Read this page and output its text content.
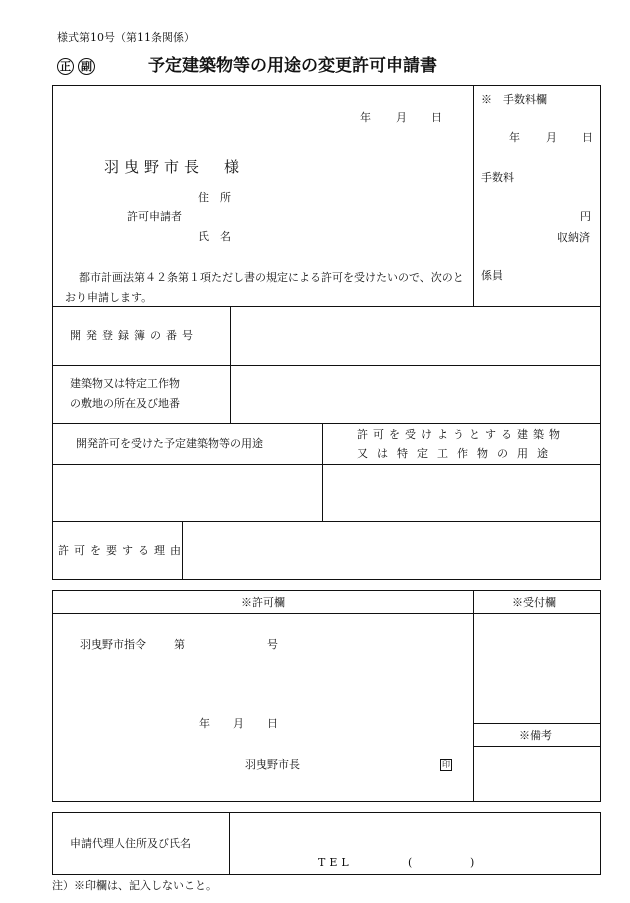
様式第10号（第11条関係）
正 副	予定建築物等の用途の変更許可申請書
年 月 日
羽曳野市長　様
住　所
許可申請者
氏　名
都市計画法第４２条第１項ただし書の規定による許可を受けたいので、次のとおり申請します。
※　手数料欄
年 月 日
手数料
円
収納済
係員
開発登録簿の番号
建築物又は特定工作物
の敷地の所在及び地番
開発許可を受けた予定建築物等の用途
許可を受けようとする建築物
又は特定工作物の用途
許可を要する理由
※許可欄	※受付欄
羽曳野市指令	第	号
年 月 日
羽曳野市長	印
※備考
申請代理人住所及び氏名
TEL	(	)
注）※印欄は、記入しないこと。
